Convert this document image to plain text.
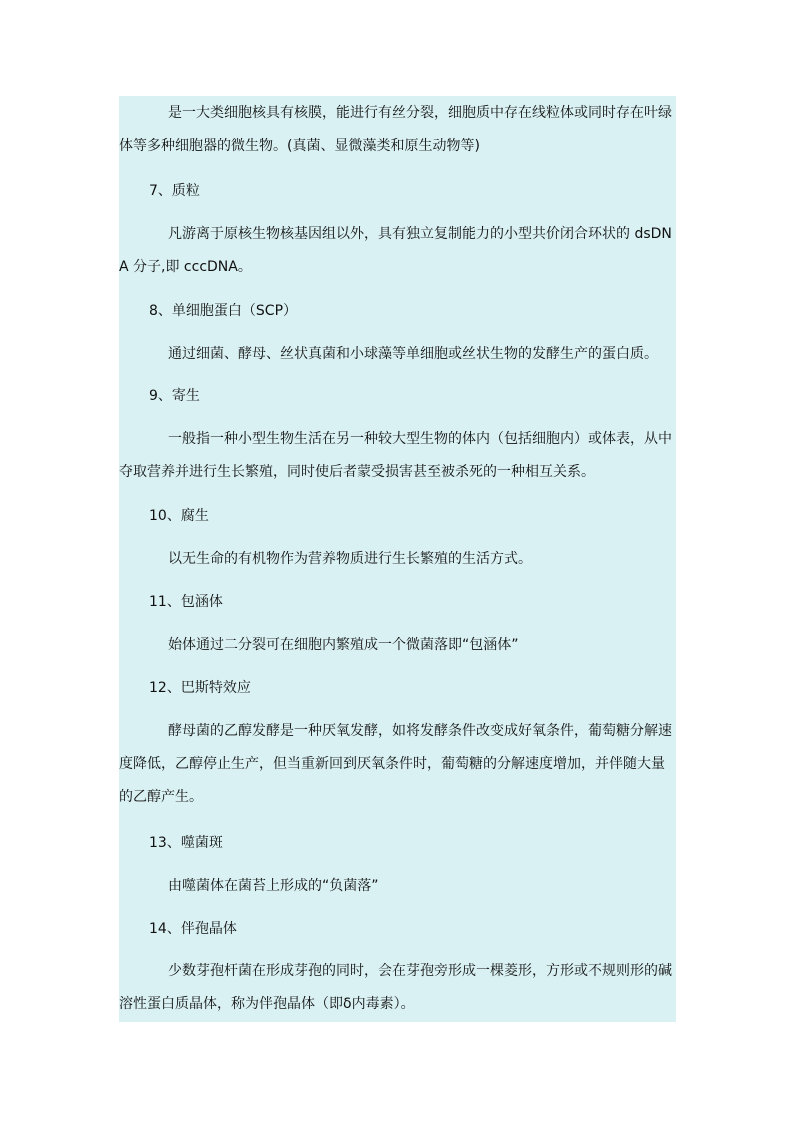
是一大类细胞核具有核膜，能进行有丝分裂，细胞质中存在线粒体或同时存在叶绿体等多种细胞器的微生物。(真菌、显微藻类和原生动物等)

7、质粒

凡游离于原核生物核基因组以外，具有独立复制能力的小型共价闭合环状的 dsDNA 分子,即 cccDNA。

8、单细胞蛋白（SCP）

通过细菌、酵母、丝状真菌和小球藻等单细胞或丝状生物的发酵生产的蛋白质。

9、寄生

一般指一种小型生物生活在另一种较大型生物的体内（包括细胞内）或体表，从中夺取营养并进行生长繁殖，同时使后者蒙受损害甚至被杀死的一种相互关系。

10、腐生

以无生命的有机物作为营养物质进行生长繁殖的生活方式。

11、包涵体

始体通过二分裂可在细胞内繁殖成一个微菌落即“包涵体”

12、巴斯特效应

酵母菌的乙醇发酵是一种厌氧发酵，如将发酵条件改变成好氧条件，葡萄糖分解速度降低，乙醇停止生产，但当重新回到厌氧条件时，葡萄糖的分解速度增加，并伴随大量的乙醇产生。

13、噬菌斑

由噬菌体在菌苔上形成的“负菌落”

14、伴孢晶体

少数芽孢杆菌在形成芽孢的同时，会在芽孢旁形成一棵菱形，方形或不规则形的碱溶性蛋白质晶体，称为伴孢晶体（即δ内毒素）。
